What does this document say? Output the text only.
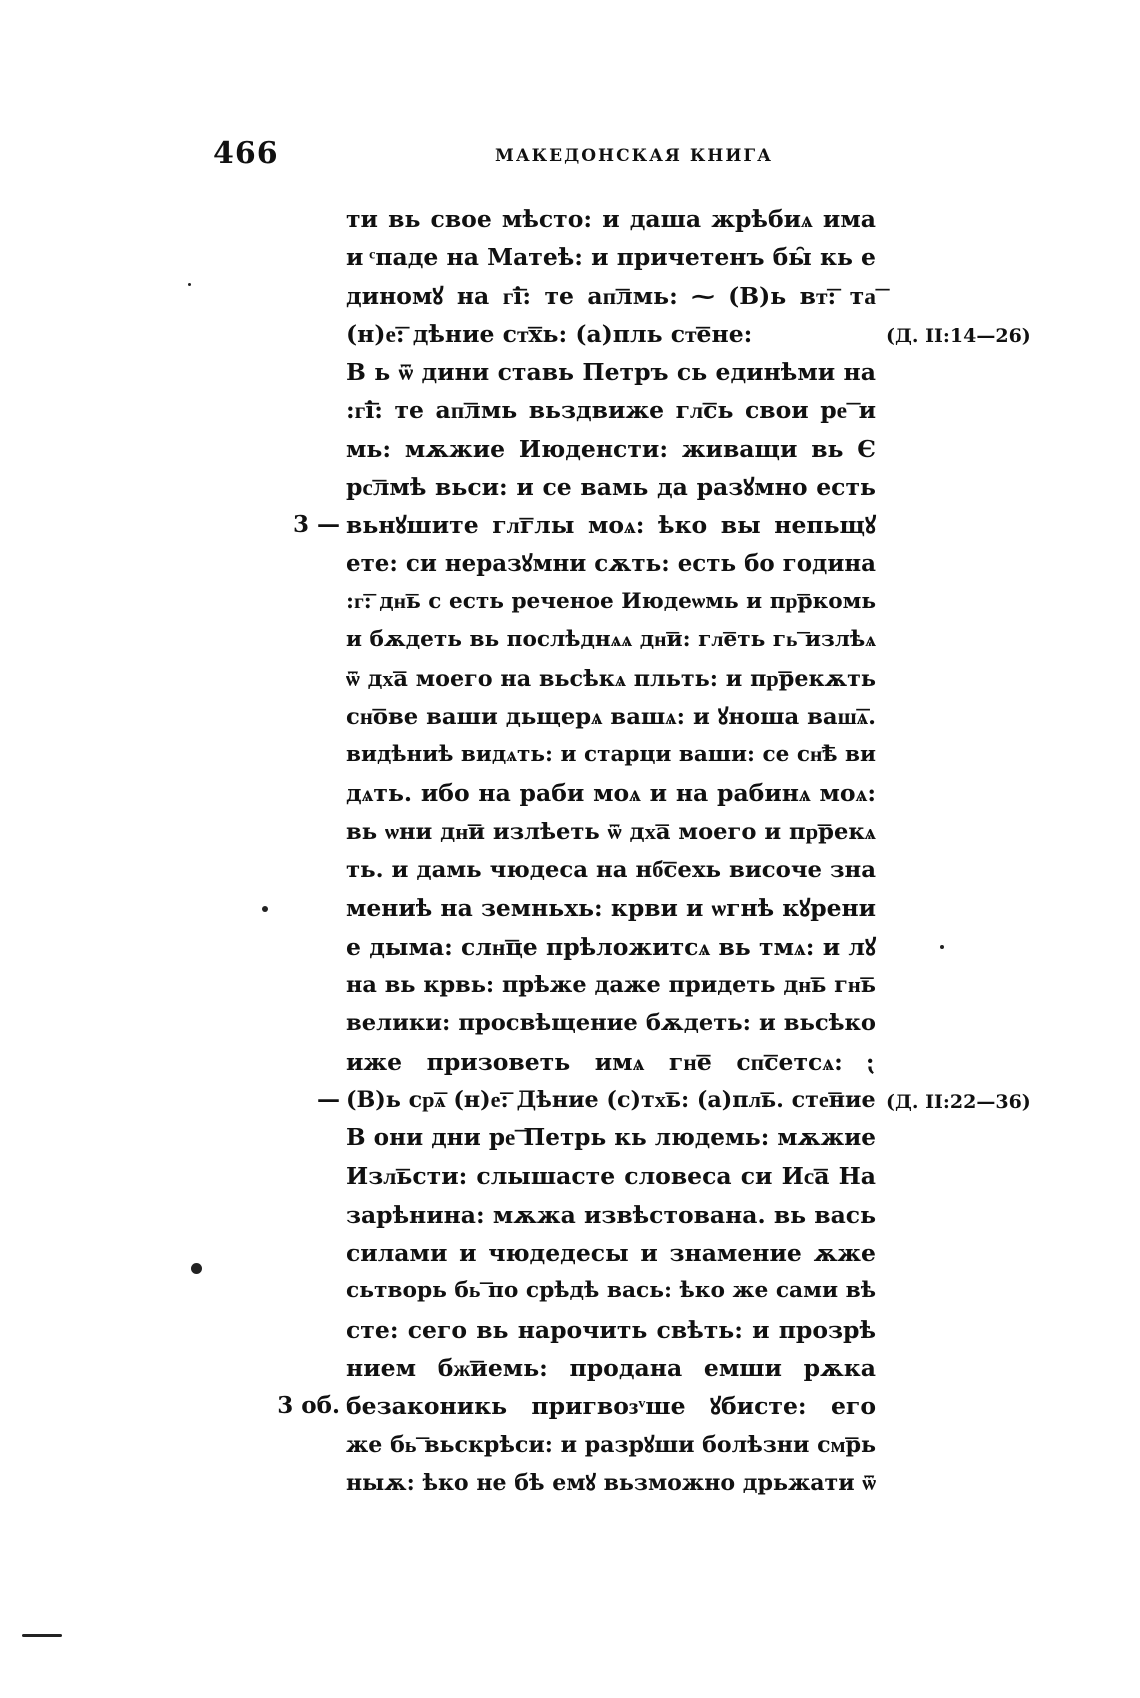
466	МАКЕДОНСКАЯ КНИГА
ти вь свое мѣсто: и даша жрѣбиѧ има
и ͨпаде на Матеѣ: и причетенъ бы̑ кь е
диномꙋ на г͞і: те ап͞лмь: ⁓ (В)ь вт͞: та͞
(н)е͞: дѣние ст͞хь: (а)пль ст͞ене:	(Д. II:14—26)
В ь ѿ дини ставь Петръ сь единѣми на
:г͞і: те ап͞лмь вьздвиже гл͞сь свои ре͞ и
мь: мѫжие Июденсти: живащи вь Є
рс͞лмѣ вьси: и се вамь да разꙋмно есть
вьнꙋшите гл͞глы моѧ: ѣко вы непьщꙋ
3 —
ете: си неразꙋмни сѫть: есть бо година
:г͞: дн͞ь с есть реченое Июдеѡмь и пр͞ркомь
и бѫдеть вь послѣднѧѧ дн͞и: гл͞еть гь͞ излѣѧ
ѿ дх͞а моего на вьсѣкѧ пльть: и пр͞рекѫть
сн͞ове ваши дьщерѧ вашѧ: и ꙋноша ваш͞ѧ.
видѣниѣ видѧть: и старци ваши: се сн͞ѣ ви
дѧть. ибо на раби моѧ и на рабинѧ моѧ:
вь ѡни дн͞и излѣеть ѿ дх͞а моего и пр͞рекѧ
ть. и дамь чюдеса на нб͞сехь височе зна
мениѣ на земньхь: крви и ѡгнѣ кꙋрени
е дыма: слн͞це прѣложитсѧ вь тмѧ: и лꙋ
на вь крвь: прѣже даже придеть дн͞ь гн͞ь
велики: просвѣщение бѫдеть: и вьсѣко
иже призоветь имѧ гн͞е сп͞сетсѧ: ⁏
(В)ь ср͞ѧ (н)е͞: Дѣние (с)тх͞ь: (а)пл͞ь. сте͞ние
—	(Д. II:22—36)
В они дни ре͞ Петрь кь людемь: мѫжие
Изл͞ьсти: слышасте словеса си Ис͞а На
зарѣнина: мѫжа извѣстована. вь вась
силами и чюдедесы и знамение ѫже
сьтворь бь͞ по срѣдѣ вась: ѣко же сами вѣ
сте: сего вь нарочить свѣть: и прозрѣ
нием бж͞иемь: продана емши рѫка
безаконикь пригвозͮше ꙋбисте: его
3 об.
же бь͞ вьскрѣси: и разрꙋши болѣзни см͞рь
ныѫ: ѣко не бѣ емꙋ вьзможно дрьжати ѿ
